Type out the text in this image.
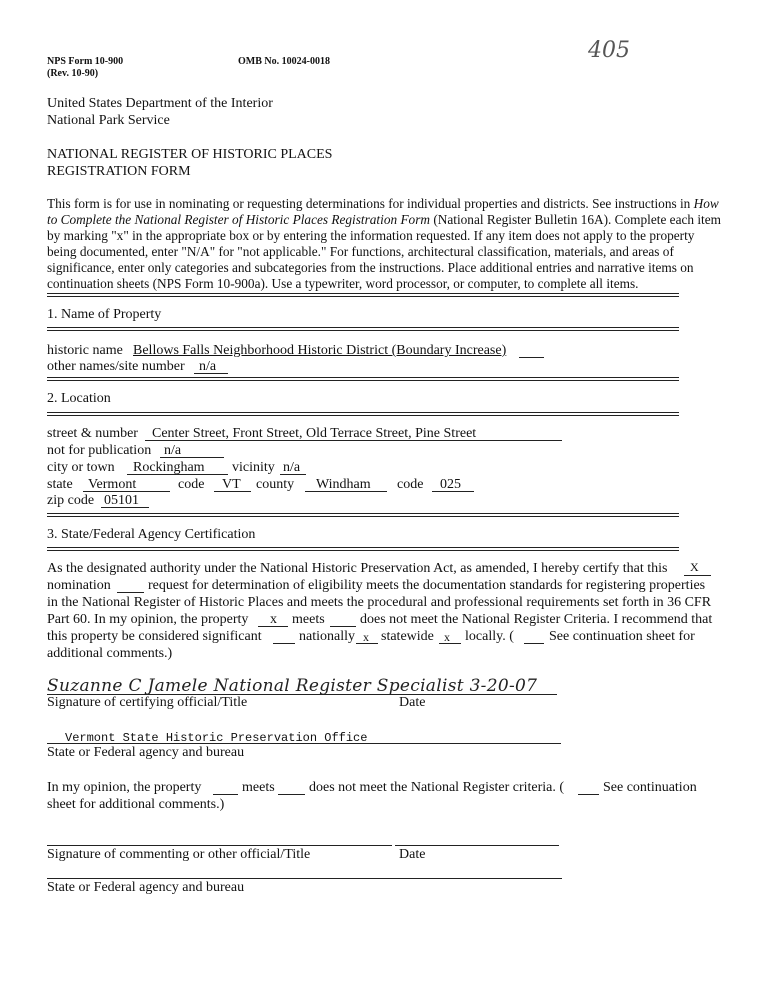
NPS Form 10-900
(Rev. 10-90)
OMB No. 10024-0018	405
United States Department of the Interior
National Park Service
NATIONAL REGISTER OF HISTORIC PLACES
REGISTRATION FORM
This form is for use in nominating or requesting determinations for individual properties and districts. See instructions in How to Complete the National Register of Historic Places Registration Form (National Register Bulletin 16A). Complete each item by marking "x" in the appropriate box or by entering the information requested. If any item does not apply to the property being documented, enter "N/A" for "not applicable." For functions, architectural classification, materials, and areas of significance, enter only categories and subcategories from the instructions. Place additional entries and narrative items on continuation sheets (NPS Form 10-900a). Use a typewriter, word processor, or computer, to complete all items.
1. Name of Property
historic name Bellows Falls Neighborhood Historic District (Boundary Increase)
other names/site number n/a
2. Location
street & number Center Street, Front Street, Old Terrace Street, Pine Street
not for publication n/a
city or town Rockingham vicinity n/a
state Vermont	code VT county Windham code 025
zip code 05101
3. State/Federal Agency Certification
As the designated authority under the National Historic Preservation Act, as amended, I hereby certify that this X
nomination	request for determination of eligibility meets the documentation standards for registering properties
in the National Register of Historic Places and meets the procedural and professional requirements set forth in 36 CFR
Part 60. In my opinion, the property x meets	does not meet the National Register Criteria. I recommend that
this property be considered significant	nationally x statewide x locally. (	See continuation sheet for
additional comments.)
Suzanne C Jamele National Register Specialist 3-20-07
Signature of certifying official/Title	Date
Vermont State Historic Preservation Office
State or Federal agency and bureau
In my opinion, the property	meets does not meet the National Register criteria. (	See continuation
sheet for additional comments.)
Signature of commenting or other official/Title	Date
State or Federal agency and bureau
